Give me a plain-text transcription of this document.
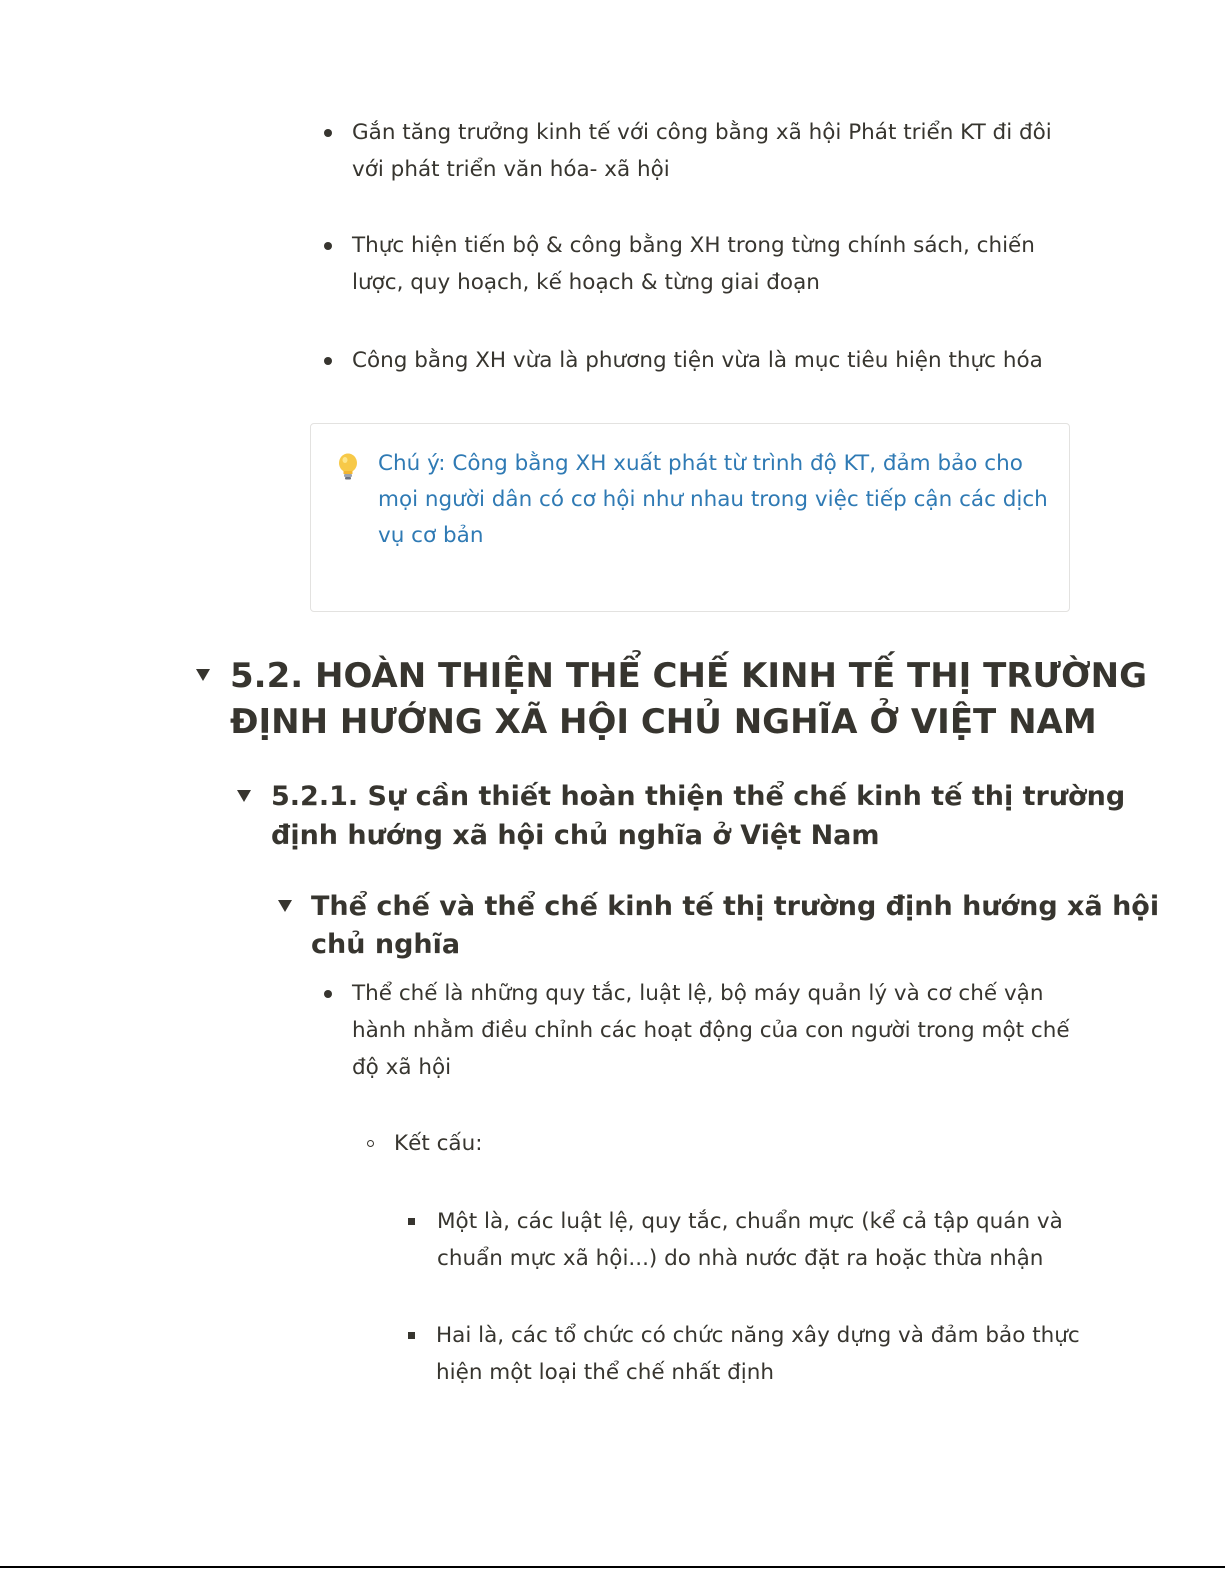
Gắn tăng trưởng kinh tế với công bằng xã hội Phát triển KT đi đôi
với phát triển văn hóa- xã hội
Thực hiện tiến bộ & công bằng XH trong từng chính sách, chiến
lược, quy hoạch, kế hoạch & từng giai đoạn
Công bằng XH vừa là phương tiện vừa là mục tiêu hiện thực hóa
Chú ý: Công bằng XH xuất phát từ trình độ KT, đảm bảo cho
mọi người dân có cơ hội như nhau trong việc tiếp cận các dịch
vụ cơ bản
5.2. HOÀN THIỆN THỂ CHẾ KINH TẾ THỊ TRƯỜNG
ĐỊNH HƯỚNG XÃ HỘI CHỦ NGHĨA Ở VIỆT NAM
5.2.1. Sự cần thiết hoàn thiện thể chế kinh tế thị trường
định hướng xã hội chủ nghĩa ở Việt Nam
Thể chế và thể chế kinh tế thị trường định hướng xã hội
chủ nghĩa
Thể chế là những quy tắc, luật lệ, bộ máy quản lý và cơ chế vận
hành nhằm điều chỉnh các hoạt động của con người trong một chế
độ xã hội
Kết cấu:
Một là, các luật lệ, quy tắc, chuẩn mực (kể cả tập quán và
chuẩn mực xã hội...) do nhà nước đặt ra hoặc thừa nhận
Hai là, các tổ chức có chức năng xây dựng và đảm bảo thực
hiện một loại thể chế nhất định
